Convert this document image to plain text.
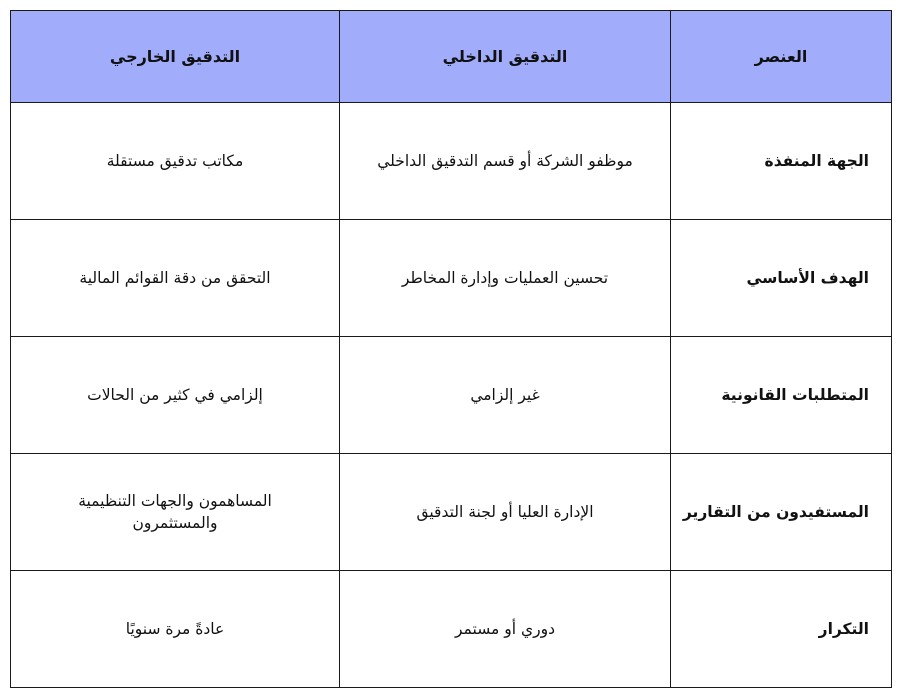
العنصر	التدقيق الداخلي	التدقيق الخارجي
الجهة المنفذة	موظفو الشركة أو قسم التدقيق الداخلي	مكاتب تدقيق مستقلة
الهدف الأساسي	تحسين العمليات وإدارة المخاطر	التحقق من دقة القوائم المالية
المتطلبات القانونية	غير إلزامي	إلزامي في كثير من الحالات
المستفيدون من التقارير	الإدارة العليا أو لجنة التدقيق	المساهمون والجهات التنظيمية والمستثمرون
التكرار	دوري أو مستمر	عادةً مرة سنويًا
